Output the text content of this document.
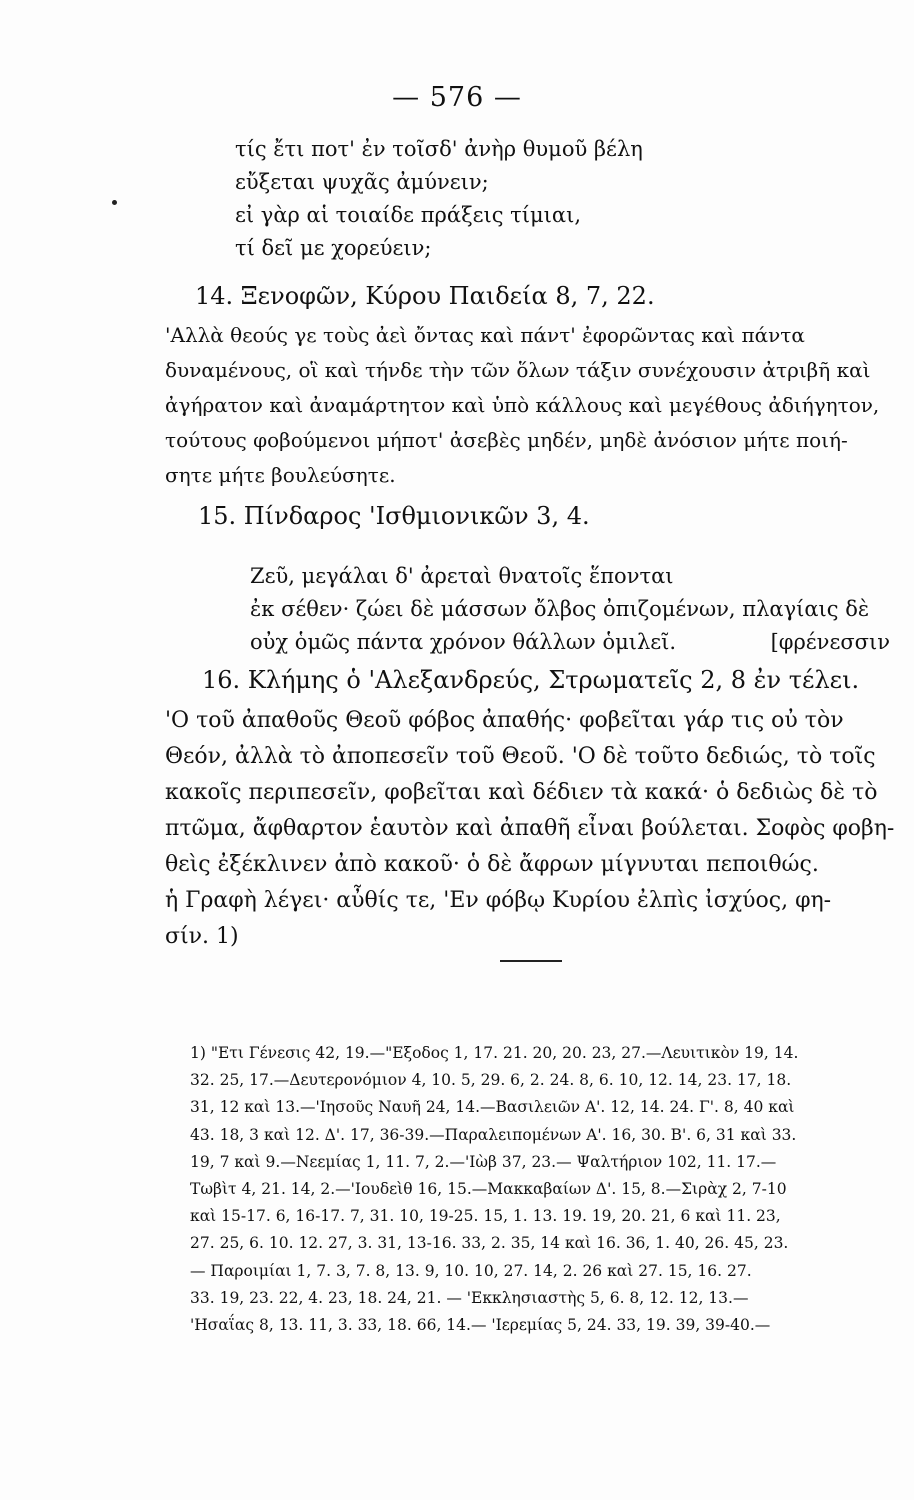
— 576 —
τίς ἔτι ποτ' ἐν τοῖσδ' ἀνὴρ θυμοῦ βέλη
εὔξεται ψυχᾶς ἀμύνειν;
εἰ γὰρ αἱ τοιαίδε πράξεις τίμιαι,
τί δεῖ με χορεύειν;
14. Ξενοφῶν, Κύρου Παιδεία 8, 7, 22.
'Αλλὰ θεούς γε τοὺς ἀεὶ ὄντας καὶ πάντ' ἐφορῶντας καὶ πάντα
δυναμένους, οἳ καὶ τήνδε τὴν τῶν ὅλων τάξιν συνέχουσιν ἀτριβῆ καὶ
ἀγήρατον καὶ ἀναμάρτητον καὶ ὑπὸ κάλλους καὶ μεγέθους ἀδιήγητον,
τούτους φοβούμενοι μήποτ' ἀσεβὲς μηδέν, μηδὲ ἀνόσιον μήτε ποιή-
σητε μήτε βουλεύσητε.
15. Πίνδαρος 'Ισθμιονικῶν 3, 4.
Ζεῦ, μεγάλαι δ' ἀρεταὶ θνατοῖς ἕπονται
ἐκ σέθεν· ζώει δὲ μάσσων ὄλβος ὀπιζομένων, πλαγίαις δὲ
οὐχ ὁμῶς πάντα χρόνον θάλλων ὁμιλεῖ.	[φρένεσσιν
16. Κλήμης ὁ 'Αλεξανδρεύς, Στρωματεῖς 2, 8 ἐν τέλει.
'Ο τοῦ ἀπαθοῦς Θεοῦ φόβος ἀπαθής· φοβεῖται γάρ τις οὐ τὸν
Θεόν, ἀλλὰ τὸ ἀποπεσεῖν τοῦ Θεοῦ. 'Ο δὲ τοῦτο δεδιώς, τὸ τοῖς
κακοῖς περιπεσεῖν, φοβεῖται καὶ δέδιεν τὰ κακά· ὁ δεδιὼς δὲ τὸ
πτῶμα, ἄφθαρτον ἑαυτὸν καὶ ἀπαθῆ εἶναι βούλεται. Σοφὸς φοβη-
θεὶς ἐξέκλινεν ἀπὸ κακοῦ· ὁ δὲ ἄφρων μίγνυται πεποιθώς.
ἡ Γραφὴ λέγει· αὖθίς τε, 'Εν φόβῳ Κυρίου ἐλπὶς ἰσχύος, φη-
σίν. 1)
1) "Ετι Γένεσις 42, 19.—"Εξοδος 1, 17. 21. 20, 20. 23, 27.—Λευιτικὸν 19, 14.
32. 25, 17.—Δευτερονόμιον 4, 10. 5, 29. 6, 2. 24. 8, 6. 10, 12. 14, 23. 17, 18.
31, 12 καὶ 13.—'Ιησοῦς Ναυῆ 24, 14.—Βασιλειῶν Α'. 12, 14. 24. Γ'. 8, 40 καὶ
43. 18, 3 καὶ 12. Δ'. 17, 36-39.—Παραλειπομένων Α'. 16, 30. Β'. 6, 31 καὶ 33.
19, 7 καὶ 9.—Νεεμίας 1, 11. 7, 2.—'Ιὼβ 37, 23.— Ψαλτήριον 102, 11. 17.—
Τωβὶτ 4, 21. 14, 2.—'Ιουδεὶθ 16, 15.—Μακκαβαίων Δ'. 15, 8.—Σιρὰχ 2, 7-10
καὶ 15-17. 6, 16-17. 7, 31. 10, 19-25. 15, 1. 13. 19. 19, 20. 21, 6 καὶ 11. 23,
27. 25, 6. 10. 12. 27, 3. 31, 13-16. 33, 2. 35, 14 καὶ 16. 36, 1. 40, 26. 45, 23.
— Παροιμίαι 1, 7. 3, 7. 8, 13. 9, 10. 10, 27. 14, 2. 26 καὶ 27. 15, 16. 27.
33. 19, 23. 22, 4. 23, 18. 24, 21. — 'Εκκλησιαστὴς 5, 6. 8, 12. 12, 13.—
'Ησαΐας 8, 13. 11, 3. 33, 18. 66, 14.— 'Ιερεμίας 5, 24. 33, 19. 39, 39-40.—
